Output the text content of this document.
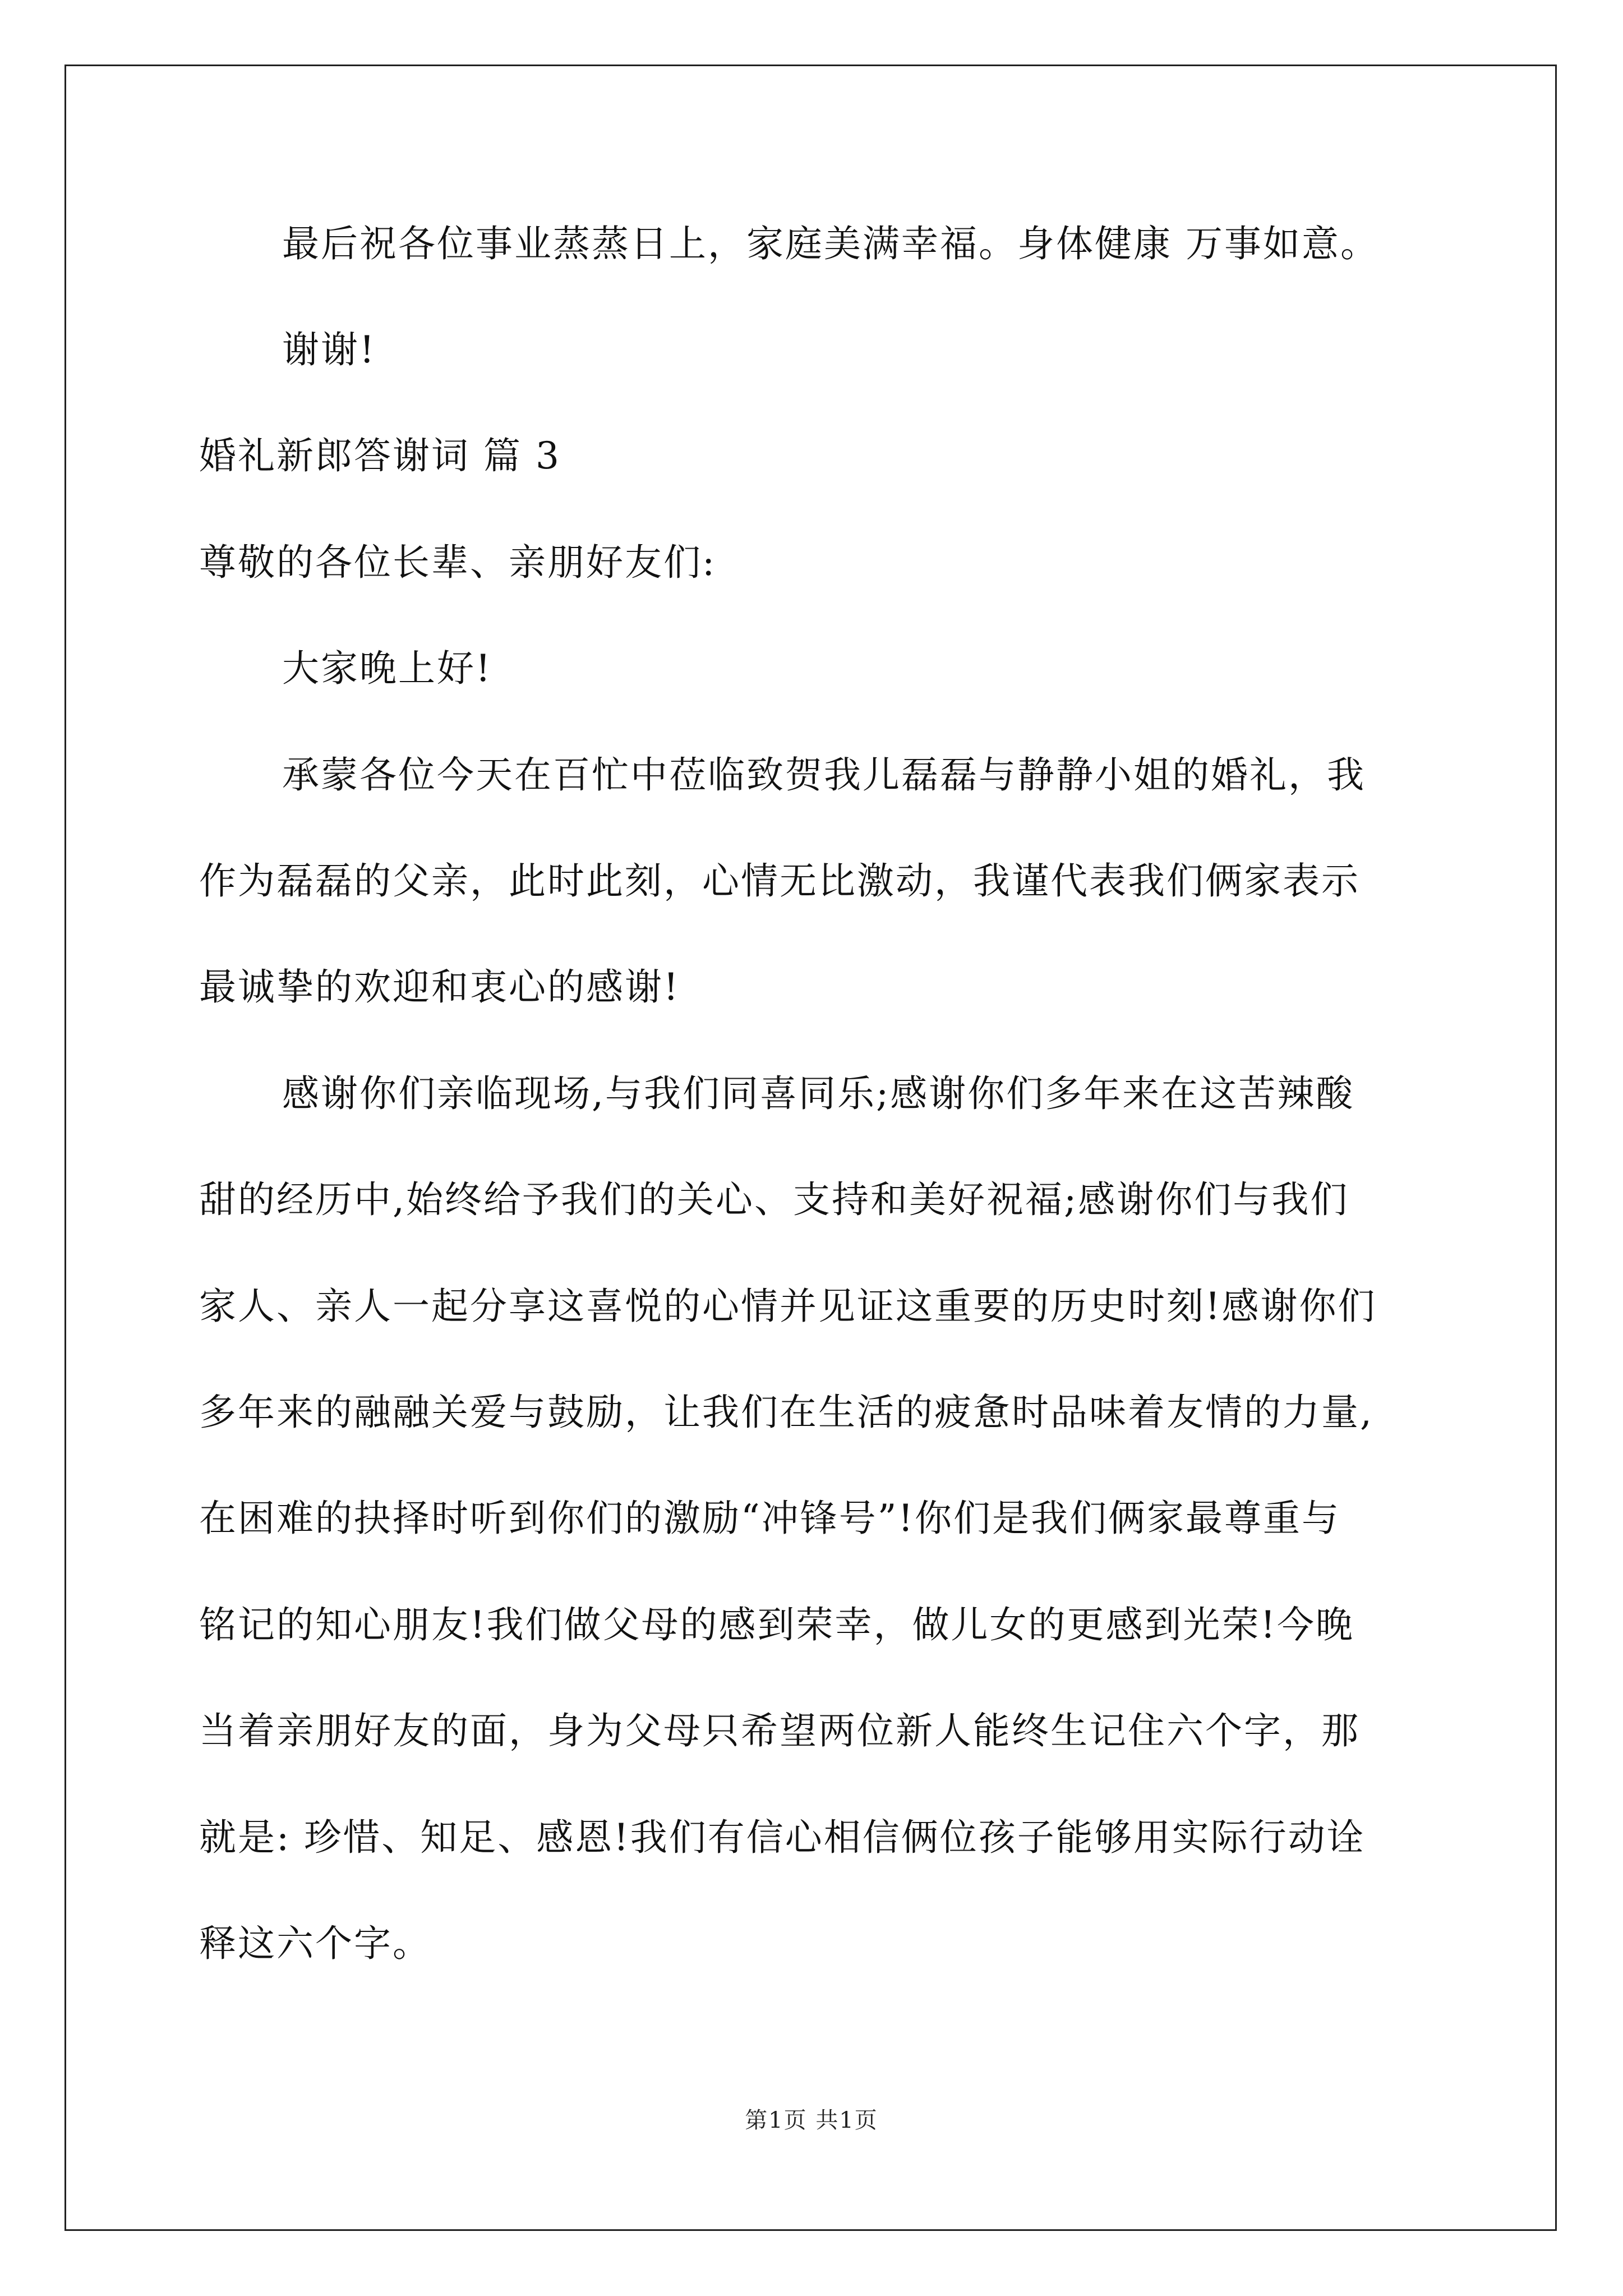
最后祝各位事业蒸蒸日上，家庭美满幸福。身体健康 万事如意。
谢谢!
婚礼新郎答谢词 篇 3
尊敬的各位长辈、亲朋好友们:
大家晚上好!
承蒙各位今天在百忙中莅临致贺我儿磊磊与静静小姐的婚礼，我
作为磊磊的父亲，此时此刻，心情无比激动，我谨代表我们俩家表示
最诚挚的欢迎和衷心的感谢!
感谢你们亲临现场,与我们同喜同乐;感谢你们多年来在这苦辣酸
甜的经历中,始终给予我们的关心、支持和美好祝福;感谢你们与我们
家人、亲人一起分享这喜悦的心情并见证这重要的历史时刻!感谢你们
多年来的融融关爱与鼓励，让我们在生活的疲惫时品味着友情的力量,
在困难的抉择时听到你们的激励“冲锋号”!你们是我们俩家最尊重与
铭记的知心朋友!我们做父母的感到荣幸，做儿女的更感到光荣!今晚
当着亲朋好友的面，身为父母只希望两位新人能终生记住六个字，那
就是: 珍惜、知足、感恩!我们有信心相信俩位孩子能够用实际行动诠
释这六个字。
第1页 共1页
